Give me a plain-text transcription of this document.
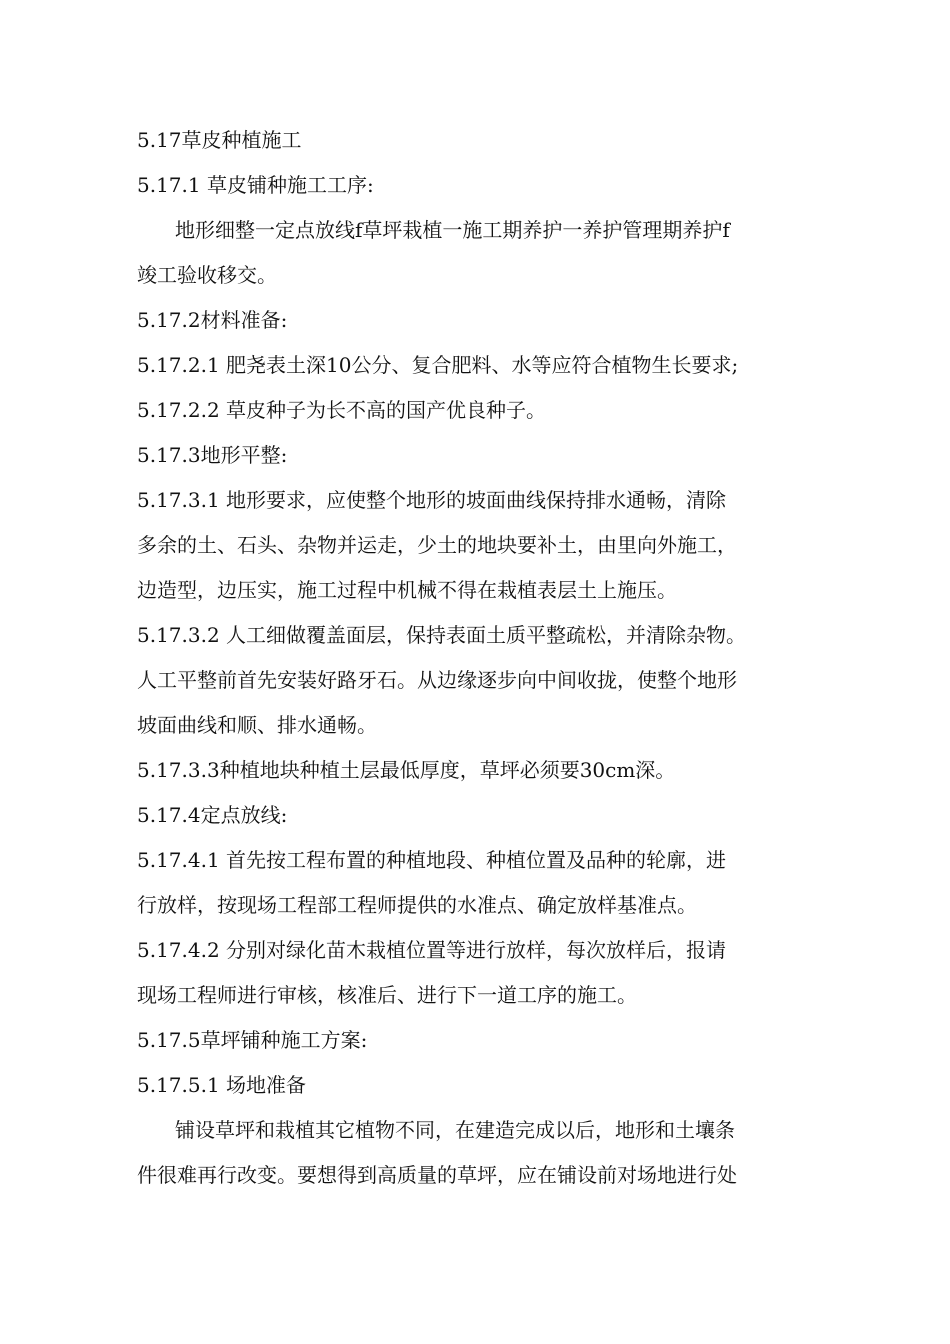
5.17草皮种植施工
5.17.1 草皮铺种施工工序:
地形细整一定点放线f草坪栽植一施工期养护一养护管理期养护f
竣工验收移交。
5.17.2材料准备:
5.17.2.1 肥尧表土深10公分、复合肥料、水等应符合植物生长要求;
5.17.2.2 草皮种子为长不高的国产优良种子。
5.17.3地形平整:
5.17.3.1 地形要求，应使整个地形的坡面曲线保持排水通畅，清除
多余的土、石头、杂物并运走，少土的地块要补土，由里向外施工，
边造型，边压实，施工过程中机械不得在栽植表层土上施压。
5.17.3.2 人工细做覆盖面层，保持表面土质平整疏松，并清除杂物。
人工平整前首先安装好路牙石。从边缘逐步向中间收拢，使整个地形
坡面曲线和顺、排水通畅。
5.17.3.3种植地块种植土层最低厚度，草坪必须要30cm深。
5.17.4定点放线:
5.17.4.1 首先按工程布置的种植地段、种植位置及品种的轮廓，进
行放样，按现场工程部工程师提供的水准点、确定放样基准点。
5.17.4.2 分别对绿化苗木栽植位置等进行放样，每次放样后，报请
现场工程师进行审核，核准后、进行下一道工序的施工。
5.17.5草坪铺种施工方案:
5.17.5.1 场地准备
铺设草坪和栽植其它植物不同，在建造完成以后，地形和土壤条
件很难再行改变。要想得到高质量的草坪，应在铺设前对场地进行处
